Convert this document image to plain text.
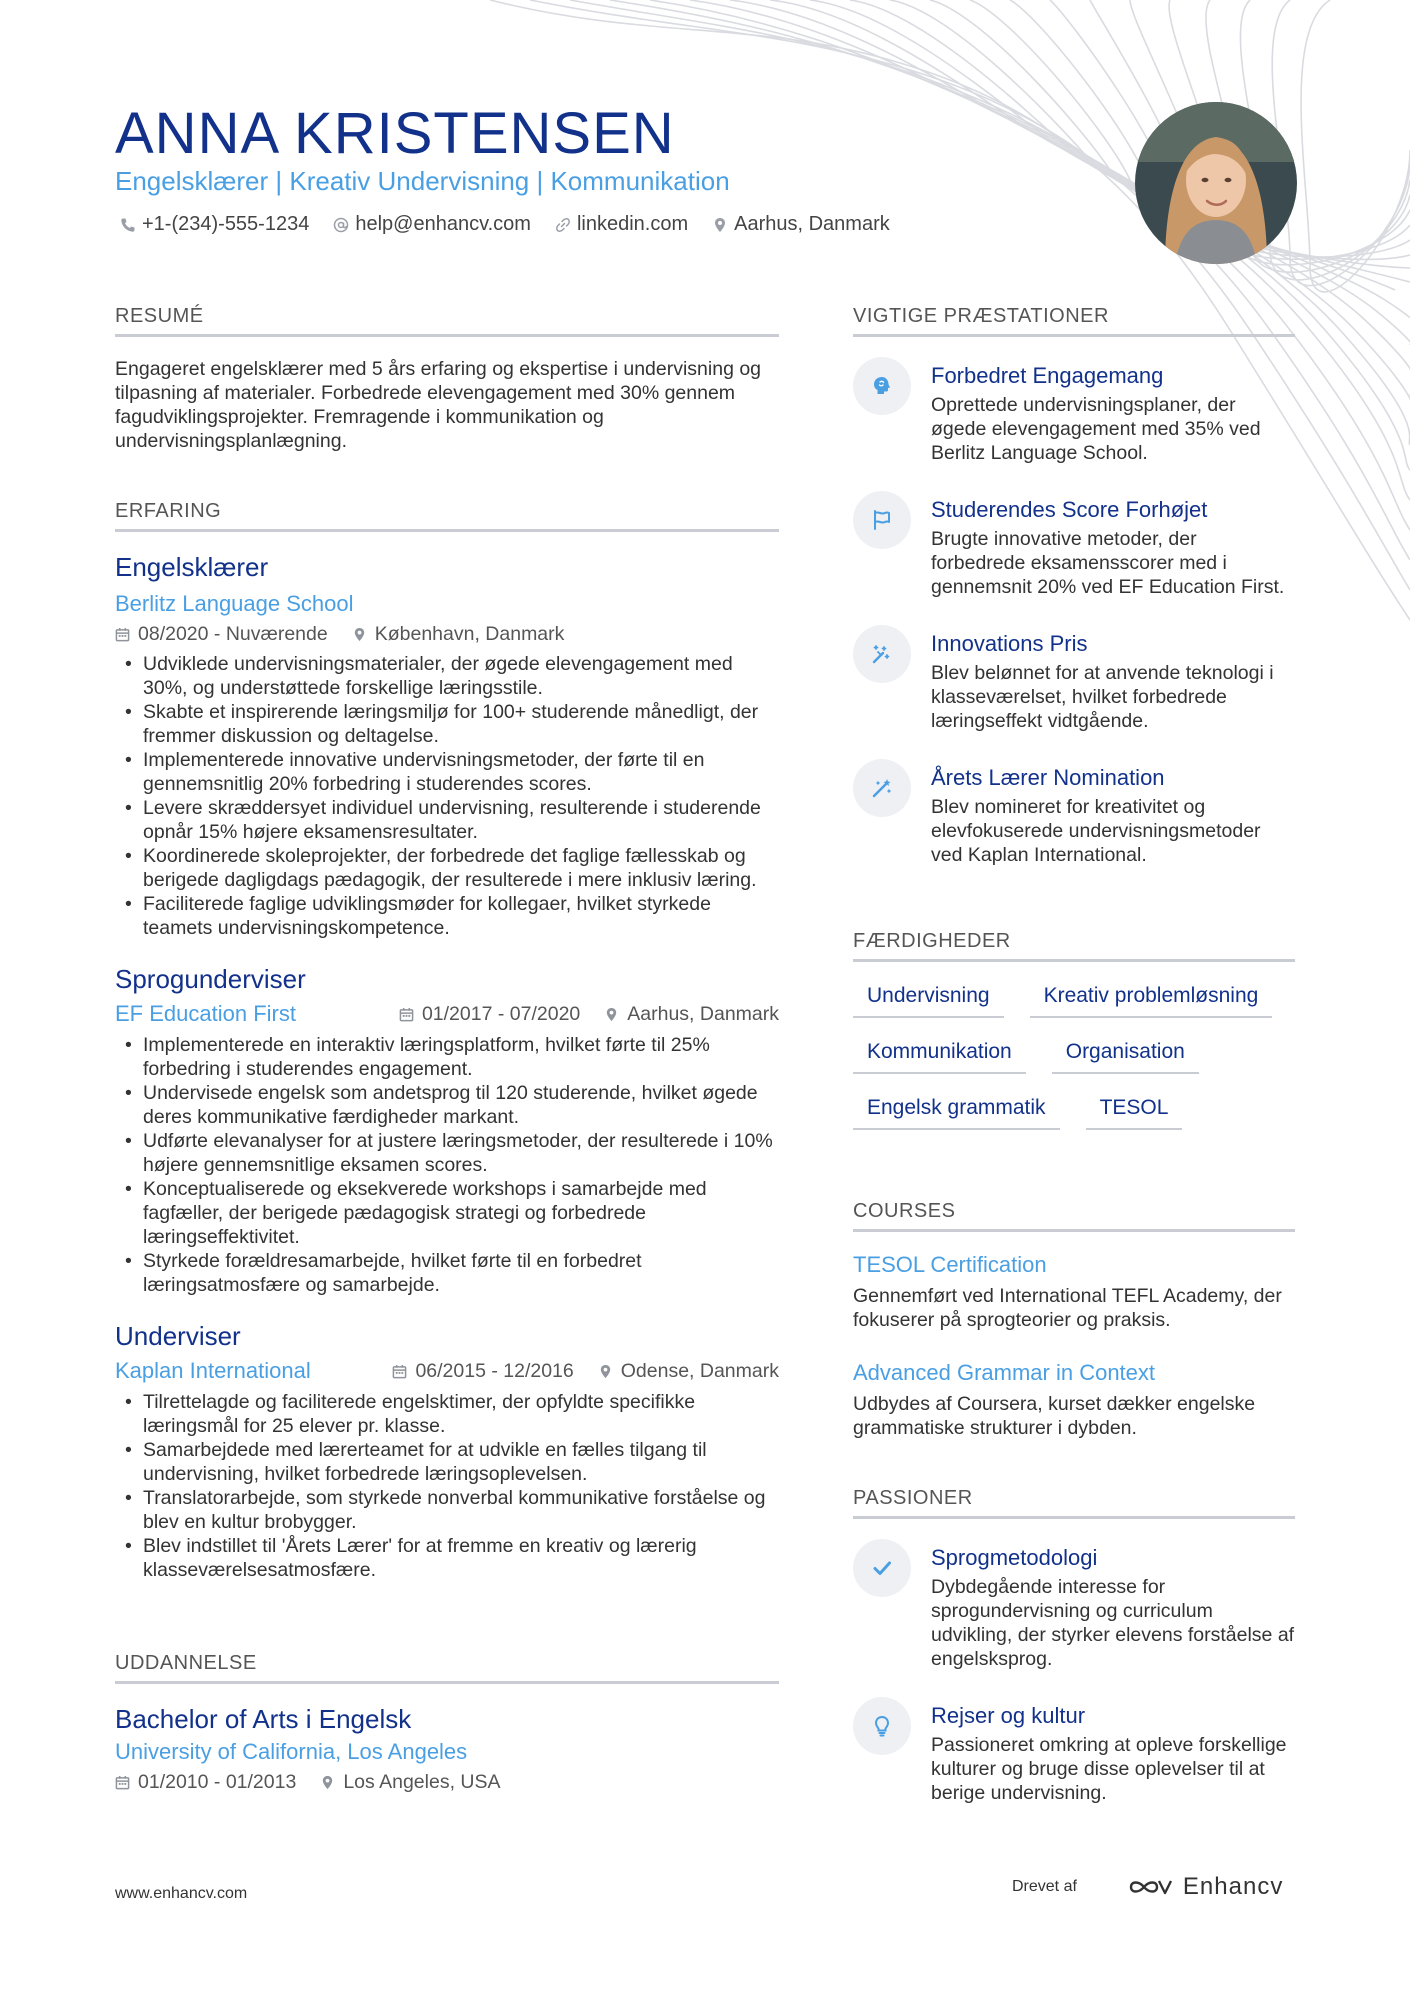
ANNA KRISTENSEN
Engelsklærer | Kreativ Undervisning | Kommunikation
+1-(234)-555-1234 help@enhancv.com linkedin.com Aarhus, Danmark
RESUMÉ

Engageret engelsklærer med 5 års erfaring og ekspertise i undervisning og tilpasning af materialer. Forbedrede elevengagement med 30% gennem fagudviklingsprojekter. Fremragende i kommunikation og undervisningsplanlægning.

ERFARING
Engelsklærer
Berlitz Language School
08/2020 - Nuværende København, Danmark
• Udviklede undervisningsmaterialer, der øgede elevengagement med 30%, og understøttede forskellige læringsstile.
• Skabte et inspirerende læringsmiljø for 100+ studerende månedligt, der fremmer diskussion og deltagelse.
• Implementerede innovative undervisningsmetoder, der førte til en gennemsnitlig 20% forbedring i studerendes scores.
• Levere skræddersyet individuel undervisning, resulterende i studerende opnår 15% højere eksamensresultater.
• Koordinerede skoleprojekter, der forbedrede det faglige fællesskab og berigede dagligdags pædagogik, der resulterede i mere inklusiv læring.
• Faciliterede faglige udviklingsmøder for kollegaer, hvilket styrkede teamets undervisningskompetence.
Sprogunderviser
EF Education First	01/2017 - 07/2020 Aarhus, Danmark
• Implementerede en interaktiv læringsplatform, hvilket førte til 25% forbedring i studerendes engagement.
• Undervisede engelsk som andetsprog til 120 studerende, hvilket øgede deres kommunikative færdigheder markant.
• Udførte elevanalyser for at justere læringsmetoder, der resulterede i 10% højere gennemsnitlige eksamen scores.
• Konceptualiserede og eksekverede workshops i samarbejde med fagfæller, der berigede pædagogisk strategi og forbedrede læringseffektivitet.
• Styrkede forældresamarbejde, hvilket førte til en forbedret læringsatmosfære og samarbejde.
Underviser
Kaplan International	06/2015 - 12/2016 Odense, Danmark
• Tilrettelagde og faciliterede engelsktimer, der opfyldte specifikke læringsmål for 25 elever pr. klasse.
• Samarbejdede med lærerteamet for at udvikle en fælles tilgang til undervisning, hvilket forbedrede læringsoplevelsen.
• Translatorarbejde, som styrkede nonverbal kommunikative forståelse og blev en kultur brobygger.
• Blev indstillet til 'Årets Lærer' for at fremme en kreativ og lærerig klasseværelsesatmosfære.
UDDANNELSE
Bachelor of Arts i Engelsk
University of California, Los Angeles
01/2010 - 01/2013 Los Angeles, USA
VIGTIGE PRÆSTATIONER
Forbedret Engagemang
Oprettede undervisningsplaner, der øgede elevengagement med 35% ved Berlitz Language School.
Studerendes Score Forhøjet
Brugte innovative metoder, der forbedrede eksamensscorer med i gennemsnit 20% ved EF Education First.
Innovations Pris
Blev belønnet for at anvende teknologi i klasseværelset, hvilket forbedrede læringseffekt vidtgående.
Årets Lærer Nomination
Blev nomineret for kreativitet og elevfokuserede undervisningsmetoder ved Kaplan International.
FÆRDIGHEDER
Undervisning	Kreativ problemløsning
Kommunikation	Organisation
Engelsk grammatik	TESOL
COURSES
TESOL Certification
Gennemført ved International TEFL Academy, der fokuserer på sprogteorier og praksis.
Advanced Grammar in Context
Udbydes af Coursera, kurset dækker engelske grammatiske strukturer i dybden.
PASSIONER
Sprogmetodologi
Dybdegående interesse for sprogundervisning og curriculum udvikling, der styrker elevens forståelse af engelsksprog.
Rejser og kultur
Passioneret omkring at opleve forskellige kulturer og bruge disse oplevelser til at berige undervisning.
www.enhancv.com	Drevet af	Enhancv
